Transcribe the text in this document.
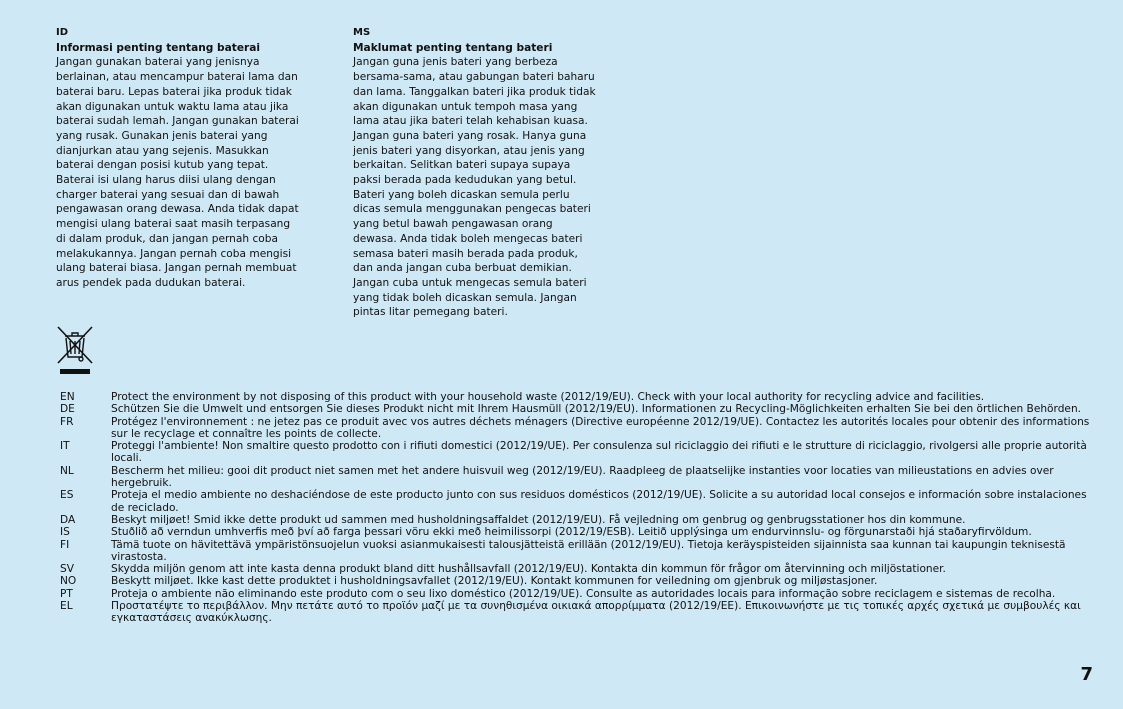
ID
Informasi penting tentang baterai
Jangan gunakan baterai yang jenisnya
berlainan, atau mencampur baterai lama dan
baterai baru. Lepas baterai jika produk tidak
akan digunakan untuk waktu lama atau jika
baterai sudah lemah. Jangan gunakan baterai
yang rusak. Gunakan jenis baterai yang
dianjurkan atau yang sejenis. Masukkan
baterai dengan posisi kutub yang tepat.
Baterai isi ulang harus diisi ulang dengan
charger baterai yang sesuai dan di bawah
pengawasan orang dewasa. Anda tidak dapat
mengisi ulang baterai saat masih terpasang
di dalam produk, dan jangan pernah coba
melakukannya. Jangan pernah coba mengisi
ulang baterai biasa. Jangan pernah membuat
arus pendek pada dudukan baterai.
MS
Maklumat penting tentang bateri
Jangan guna jenis bateri yang berbeza
bersama-sama, atau gabungan bateri baharu
dan lama. Tanggalkan bateri jika produk tidak
akan digunakan untuk tempoh masa yang
lama atau jika bateri telah kehabisan kuasa.
Jangan guna bateri yang rosak. Hanya guna
jenis bateri yang disyorkan, atau jenis yang
berkaitan. Selitkan bateri supaya supaya
paksi berada pada kedudukan yang betul.
Bateri yang boleh dicaskan semula perlu
dicas semula menggunakan pengecas bateri
yang betul bawah pengawasan orang
dewasa. Anda tidak boleh mengecas bateri
semasa bateri masih berada pada produk,
dan anda jangan cuba berbuat demikian.
Jangan cuba untuk mengecas semula bateri
yang tidak boleh dicaskan semula. Jangan
pintas litar pemegang bateri.
EN	Protect the environment by not disposing of this product with your household waste (2012/19/EU). Check with your local authority for recycling advice and facilities.
DE	Schützen Sie die Umwelt und entsorgen Sie dieses Produkt nicht mit Ihrem Hausmüll (2012/19/EU). Informationen zu Recycling-Möglichkeiten erhalten Sie bei den örtlichen Behörden.
FR	Protégez l'environnement : ne jetez pas ce produit avec vos autres déchets ménagers (Directive européenne 2012/19/UE). Contactez les autorités locales pour obtenir des informations sur le recyclage et connaître les points de collecte.
IT	Proteggi l'ambiente! Non smaltire questo prodotto con i rifiuti domestici (2012/19/UE). Per consulenza sul riciclaggio dei rifiuti e le strutture di riciclaggio, rivolgersi alle proprie autorità locali.
NL	Bescherm het milieu: gooi dit product niet samen met het andere huisvuil weg (2012/19/EU). Raadpleeg de plaatselijke instanties voor locaties van milieustations en advies over hergebruik.
ES	Proteja el medio ambiente no deshaciéndose de este producto junto con sus residuos domésticos (2012/19/UE). Solicite a su autoridad local consejos e información sobre instalaciones de reciclado.
DA	Beskyt miljøet! Smid ikke dette produkt ud sammen med husholdningsaffaldet (2012/19/EU). Få vejledning om genbrug og genbrugsstationer hos din kommune.
IS	Stuðlið að verndun umhverfis með því að farga þessari vöru ekki með heimilissorpi (2012/19/ESB). Leitið upplýsinga um endurvinnslu- og förgunarstaði hjá staðaryfirvöldum.
FI	Tämä tuote on hävitettävä ympäristönsuojelun vuoksi asianmukaisesti talousjätteistä erillään (2012/19/EU). Tietoja keräyspisteiden sijainnista saa kunnan tai kaupungin teknisestä virastosta.
SV	Skydda miljön genom att inte kasta denna produkt bland ditt hushållsavfall (2012/19/EU). Kontakta din kommun för frågor om återvinning och miljöstationer.
NO	Beskytt miljøet. Ikke kast dette produktet i husholdningsavfallet (2012/19/EU). Kontakt kommunen for veiledning om gjenbruk og miljøstasjoner.
PT	Proteja o ambiente não eliminando este produto com o seu lixo doméstico (2012/19/UE). Consulte as autoridades locais para informação sobre reciclagem e sistemas de recolha.
EL	Προστατέψτε το περιβάλλον. Μην πετάτε αυτό το προϊόν μαζί με τα συνηθισμένα οικιακά απορρίμματα (2012/19/ΕΕ). Επικοινωνήστε με τις τοπικές αρχές σχετικά με συμβουλές και εγκαταστάσεις ανακύκλωσης.
7
